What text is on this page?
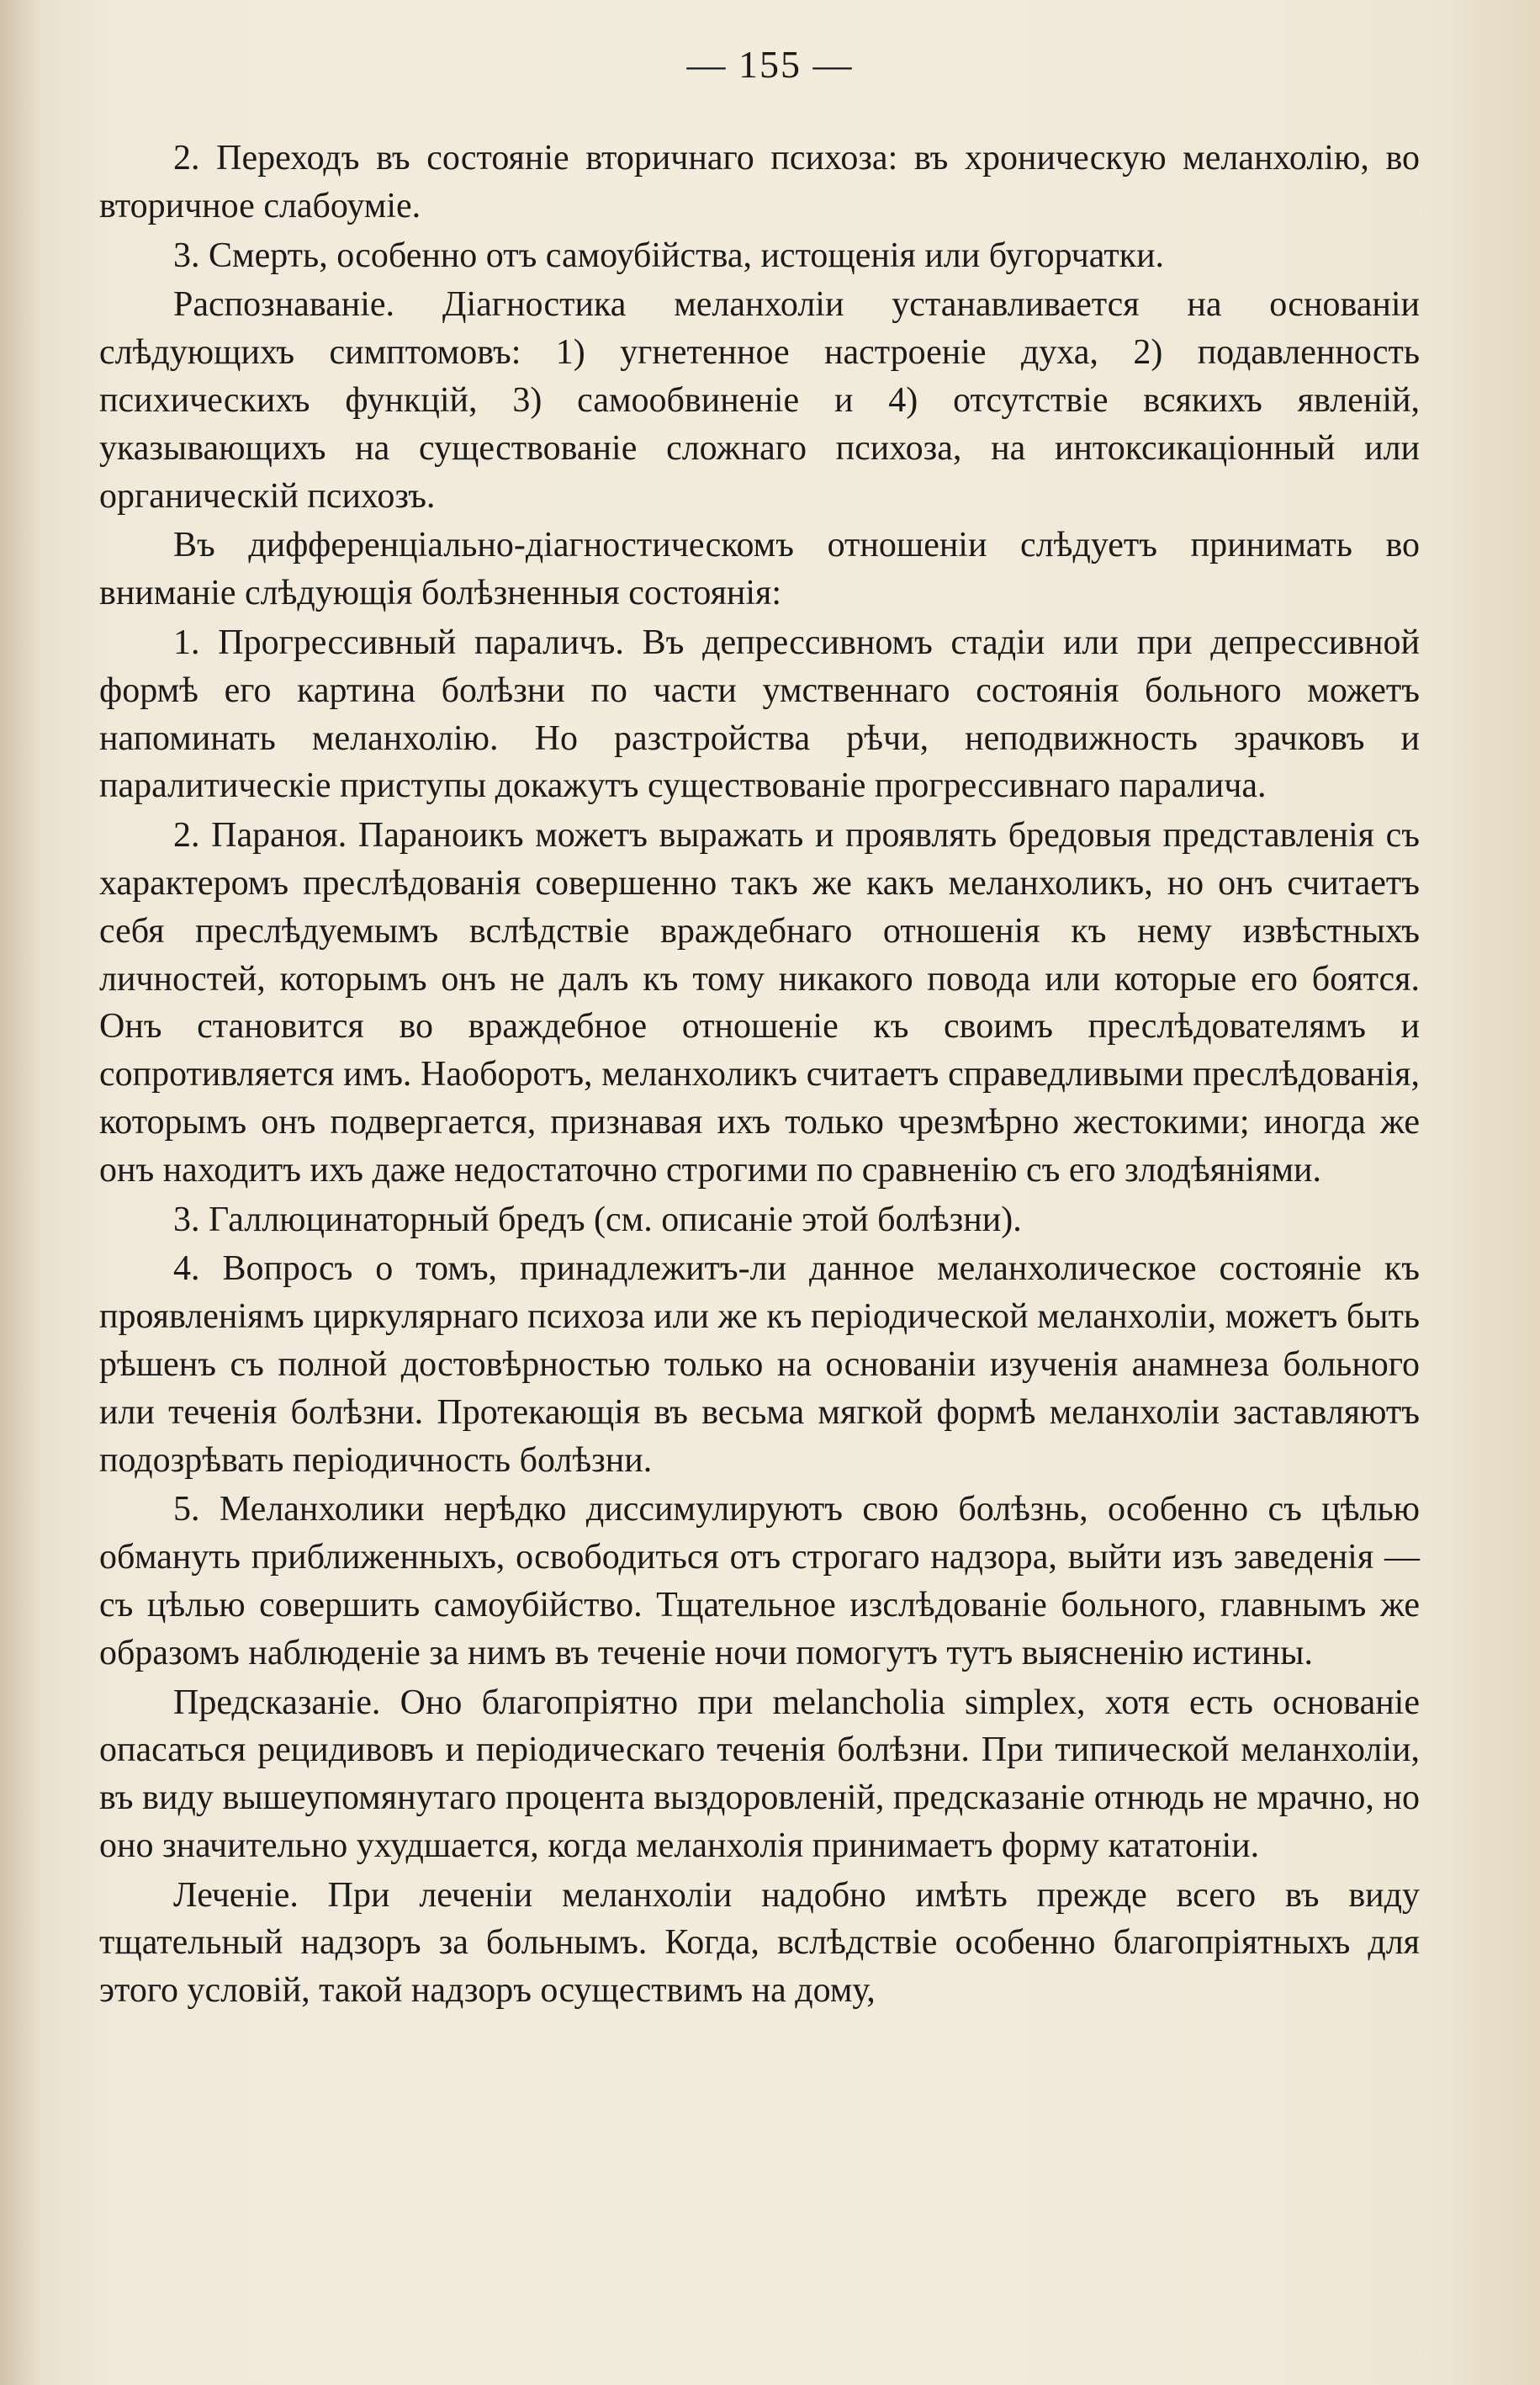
— 155 —

2. Переходъ въ состояніе вторичнаго психоза: въ хроническую меланхолію, во вторичное слабоуміе.

3. Смерть, особенно отъ самоубійства, истощенія или бугорчатки.

Распознаваніе. Діагностика меланхоліи устанавливается на основаніи слѣдующихъ симптомовъ: 1) угнетенное настроеніе духа, 2) подавленность психическихъ функцій, 3) самообвиненіе и 4) отсутствіе всякихъ явленій, указывающихъ на существованіе сложнаго психоза, на интоксикаціонный или органическій психозъ.

Въ дифференціально-діагностическомъ отношеніи слѣдуетъ принимать во вниманіе слѣдующія болѣзненныя состоянія:

1. Прогрессивный параличъ. Въ депрессивномъ стадіи или при депрессивной формѣ его картина болѣзни по части умственнаго состоянія больного можетъ напоминать меланхолію. Но разстройства рѣчи, неподвижность зрачковъ и паралитическіе приступы докажутъ существованіе прогрессивнаго паралича.

2. Параноя. Параноикъ можетъ выражать и проявлять бредовыя представленія съ характеромъ преслѣдованія совершенно такъ же какъ меланхоликъ, но онъ считаетъ себя преслѣдуемымъ вслѣдствіе враждебнаго отношенія къ нему извѣстныхъ личностей, которымъ онъ не далъ къ тому никакого повода или которые его боятся. Онъ становится во враждебное отношеніе къ своимъ преслѣдователямъ и сопротивляется имъ. Наоборотъ, меланхоликъ считаетъ справедливыми преслѣдованія, которымъ онъ подвергается, признавая ихъ только чрезмѣрно жестокими; иногда же онъ находитъ ихъ даже недостаточно строгими по сравненію съ его злодѣяніями.

3. Галлюцинаторный бредъ (см. описаніе этой болѣзни).

4. Вопросъ о томъ, принадлежитъ-ли данное меланхолическое состояніе къ проявленіямъ циркулярнаго психоза или же къ періодической меланхоліи, можетъ быть рѣшенъ съ полной достовѣрностью только на основаніи изученія анамнеза больного или теченія болѣзни. Протекающія въ весьма мягкой формѣ меланхоліи заставляютъ подозрѣвать періодичность болѣзни.

5. Меланхолики нерѣдко диссимулируютъ свою болѣзнь, особенно съ цѣлью обмануть приближенныхъ, освободиться отъ строгаго надзора, выйти изъ заведенія — съ цѣлью совершить самоубійство. Тщательное изслѣдованіе больного, главнымъ же образомъ наблюденіе за нимъ въ теченіе ночи помогутъ тутъ выясненію истины.

Предсказаніе. Оно благопріятно при melancholia simplex, хотя есть основаніе опасаться рецидивовъ и періодическаго теченія болѣзни. При типической меланхоліи, въ виду вышеупомянутаго процента выздоровленій, предсказаніе отнюдь не мрачно, но оно значительно ухудшается, когда меланхолія принимаетъ форму кататоніи.

Леченіе. При леченіи меланхоліи надобно имѣть прежде всего въ виду тщательный надзоръ за больнымъ. Когда, вслѣдствіе особенно благопріятныхъ для этого условій, такой надзоръ осуществимъ на дому,
